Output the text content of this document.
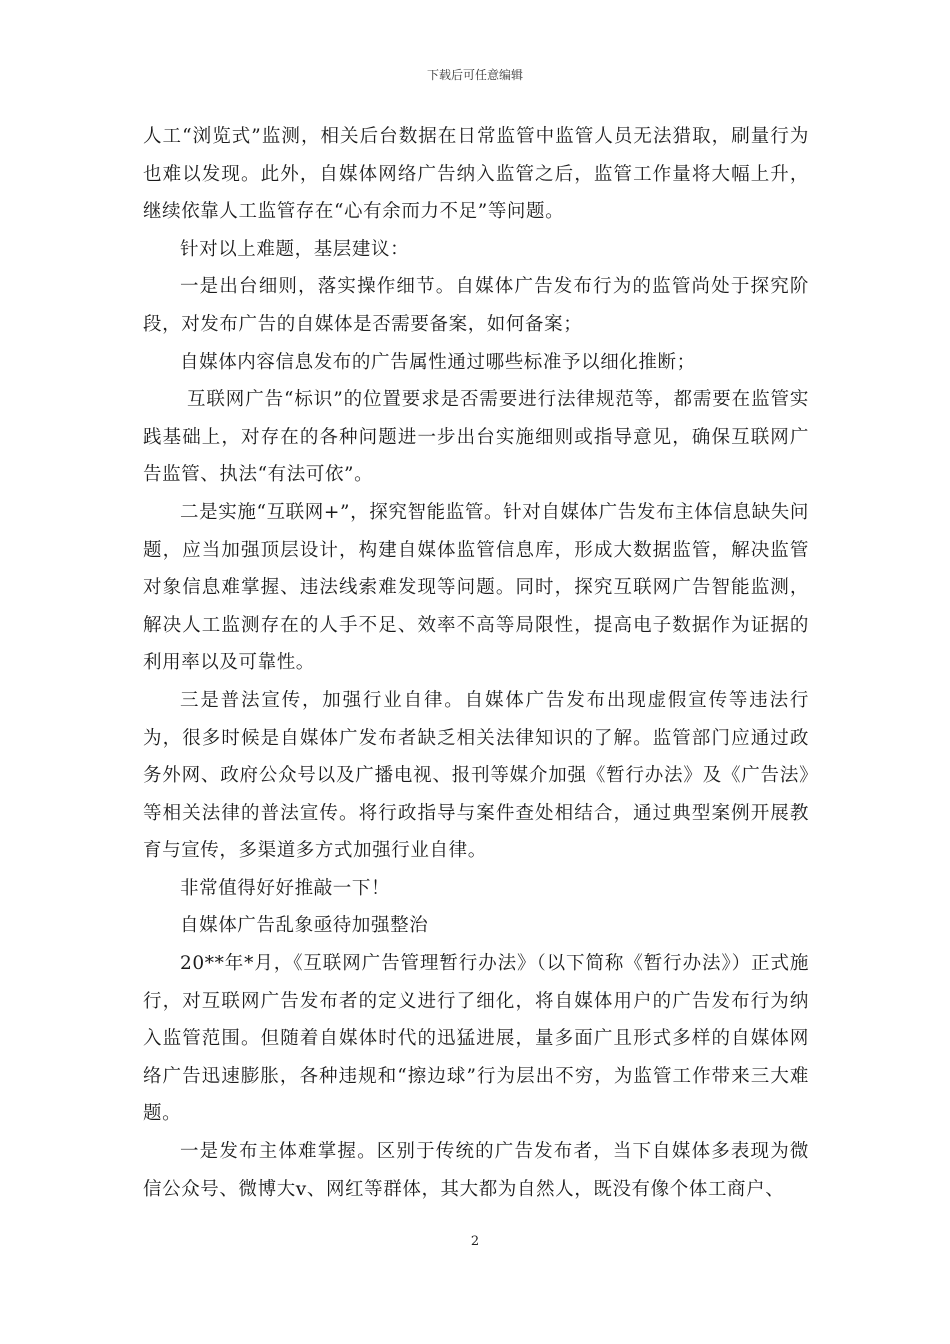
下载后可任意编辑

人工“浏览式”监测，相关后台数据在日常监管中监管人员无法猎取，刷量行为也难以发现。此外，自媒体网络广告纳入监管之后，监管工作量将大幅上升，继续依靠人工监管存在“心有余而力不足”等问题。

针对以上难题，基层建议：

一是出台细则，落实操作细节。自媒体广告发布行为的监管尚处于探究阶段，对发布广告的自媒体是否需要备案，如何备案；

自媒体内容信息发布的广告属性通过哪些标准予以细化推断；

互联网广告“标识”的位置要求是否需要进行法律规范等，都需要在监管实践基础上，对存在的各种问题进一步出台实施细则或指导意见，确保互联网广告监管、执法“有法可依”。

二是实施“互联网+”，探究智能监管。针对自媒体广告发布主体信息缺失问题，应当加强顶层设计，构建自媒体监管信息库，形成大数据监管，解决监管对象信息难掌握、违法线索难发现等问题。同时，探究互联网广告智能监测，解决人工监测存在的人手不足、效率不高等局限性，提高电子数据作为证据的利用率以及可靠性。

三是普法宣传，加强行业自律。自媒体广告发布出现虚假宣传等违法行为，很多时候是自媒体广发布者缺乏相关法律知识的了解。监管部门应通过政务外网、政府公众号以及广播电视、报刊等媒介加强《暂行办法》及《广告法》等相关法律的普法宣传。将行政指导与案件查处相结合，通过典型案例开展教育与宣传，多渠道多方式加强行业自律。

非常值得好好推敲一下！

自媒体广告乱象亟待加强整治

20**年*月，《互联网广告管理暂行办法》（以下简称《暂行办法》）正式施行，对互联网广告发布者的定义进行了细化，将自媒体用户的广告发布行为纳入监管范围。但随着自媒体时代的迅猛进展，量多面广且形式多样的自媒体网络广告迅速膨胀，各种违规和“擦边球”行为层出不穷，为监管工作带来三大难题。

一是发布主体难掌握。区别于传统的广告发布者，当下自媒体多表现为微信公众号、微博大v、网红等群体，其大都为自然人，既没有像个体工商户、

2
